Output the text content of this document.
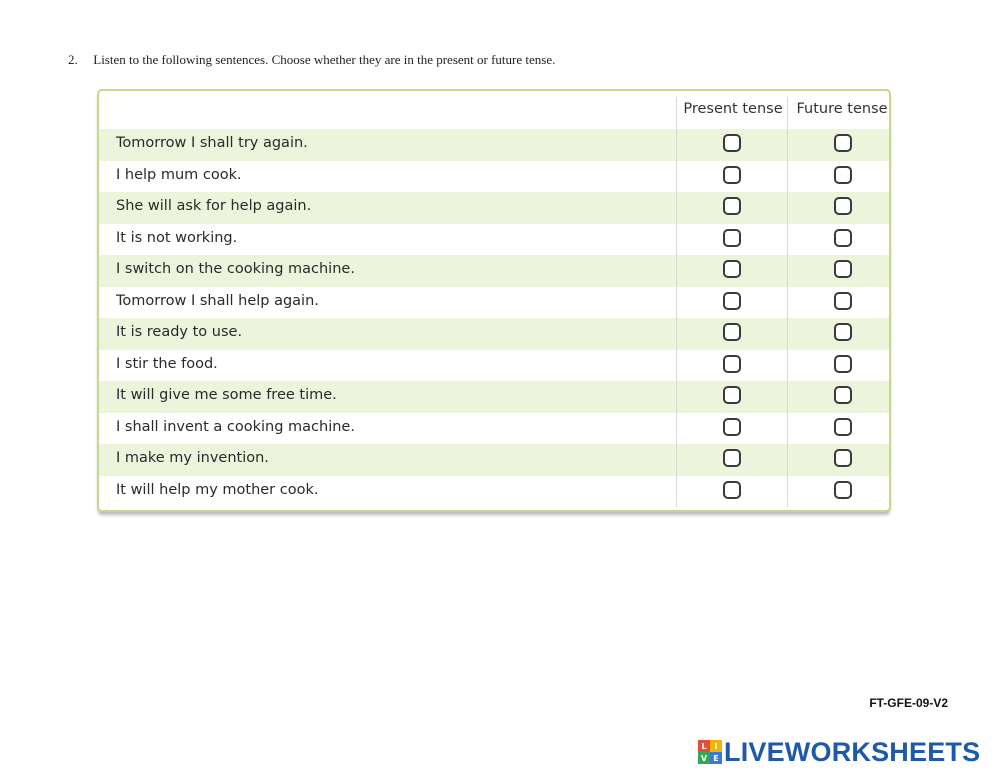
2. Listen to the following sentences. Choose whether they are in the present or future tense.
Present tense Future tense
Tomorrow I shall try again.
I help mum cook.
She will ask for help again.
It is not working.
I switch on the cooking machine.
Tomorrow I shall help again.
It is ready to use.
I stir the food.
It will give me some free time.
I shall invent a cooking machine.
I make my invention.
It will help my mother cook.
FT-GFE-09-V2
L I
V E LIVEWORKSHEETS
